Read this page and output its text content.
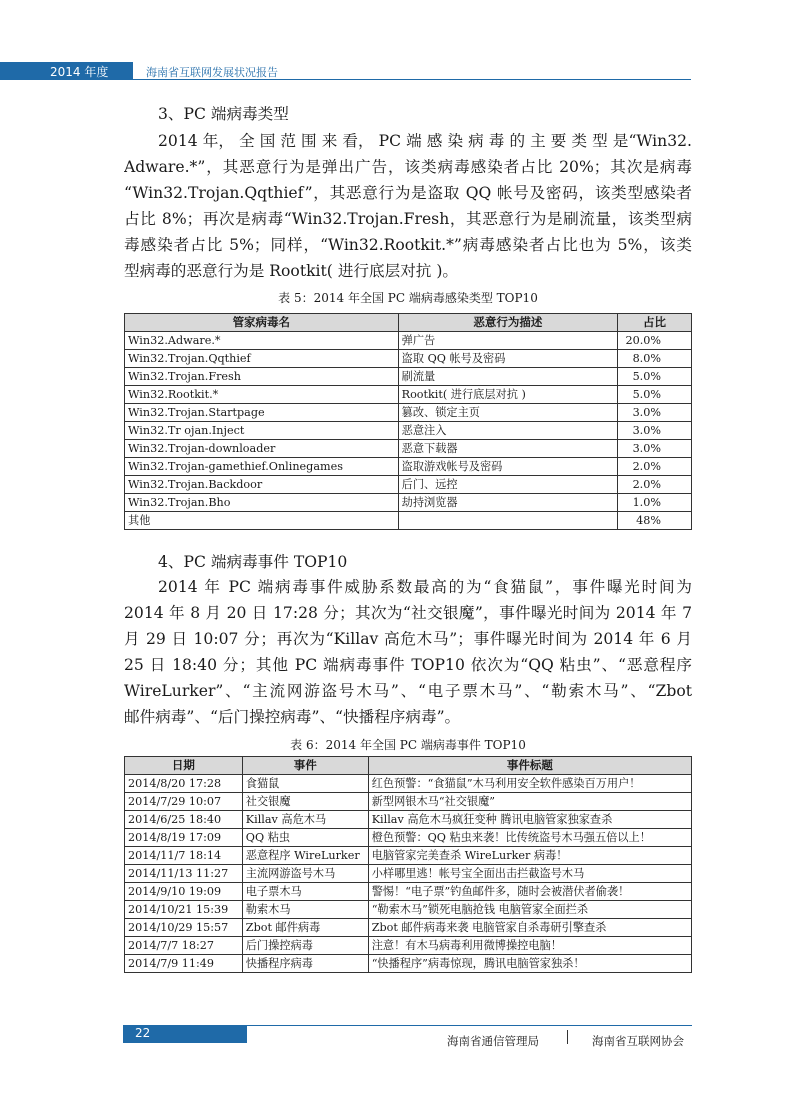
2014 年度	海南省互联网发展状况报告

3、PC 端病毒类型

2014 年， 全 国 范 围 来 看， PC 端 感 染 病 毒 的 主 要 类 型 是“Win32.
Adware.*”，其恶意行为是弹出广告，该类病毒感染者占比 20%；其次是病毒
“Win32.Trojan.Qqthief”，其恶意行为是盗取 QQ 帐号及密码，该类型感染者
占比 8%；再次是病毒“Win32.Trojan.Fresh，其恶意行为是刷流量，该类型病
毒感染者占比 5%；同样，“Win32.Rootkit.*”病毒感染者占比也为 5%，该类
型病毒的恶意行为是 Rootkit( 进行底层对抗 )。
表 5：2014 年全国 PC 端病毒感染类型 TOP10
管家病毒名	恶意行为描述	占比
Win32.Adware.*	弹广告	20.0%
Win32.Trojan.Qqthief	盗取 QQ 帐号及密码	8.0%
Win32.Trojan.Fresh	刷流量	5.0%
Win32.Rootkit.*	Rootkit( 进行底层对抗 )	5.0%
Win32.Trojan.Startpage	篡改、锁定主页	3.0%
Win32.Tr ojan.Inject	恶意注入	3.0%
Win32.Trojan-downloader	恶意下载器	3.0%
Win32.Trojan-gamethief.Onlinegames	盗取游戏帐号及密码	2.0%
Win32.Trojan.Backdoor	后门、远控	2.0%
Win32.Trojan.Bho	劫持浏览器	1.0%
其他		48%

4、PC 端病毒事件 TOP10

2014 年 PC 端病毒事件威胁系数最高的为“食猫鼠”，事件曝光时间为
2014 年 8 月 20 日 17:28 分；其次为“社交银魔”，事件曝光时间为 2014 年 7
月 29 日 10:07 分；再次为“Killav 高危木马”；事件曝光时间为 2014 年 6 月
25 日 18:40 分；其他 PC 端病毒事件 TOP10 依次为“QQ 粘虫”、“恶意程序
WireLurker”、“主流网游盗号木马”、“电子票木马”、“勒索木马”、“Zbot
邮件病毒”、“后门操控病毒”、“快播程序病毒”。
表 6：2014 年全国 PC 端病毒事件 TOP10
日期	事件	事件标题
2014/8/20 17:28	食猫鼠	红色预警：“食猫鼠”木马利用安全软件感染百万用户！
2014/7/29 10:07	社交银魔	新型网银木马“社交银魔”
2014/6/25 18:40	Killav 高危木马	Killav 高危木马疯狂变种 腾讯电脑管家独家查杀
2014/8/19 17:09	QQ 粘虫	橙色预警：QQ 粘虫来袭！比传统盗号木马强五倍以上！
2014/11/7 18:14	恶意程序 WireLurker	电脑管家完美查杀 WireLurker 病毒！
2014/11/13 11:27	主流网游盗号木马	小样哪里逃！帐号宝全面出击拦截盗号木马
2014/9/10 19:09	电子票木马	警惕！“电子票”钓鱼邮件多，随时会被潜伏者偷袭！
2014/10/21 15:39	勒索木马	“勒索木马”锁死电脑抢钱 电脑管家全面拦杀
2014/10/29 15:57	Zbot 邮件病毒	Zbot 邮件病毒来袭 电脑管家自杀毒研引擎查杀
2014/7/7 18:27	后门操控病毒	注意！有木马病毒利用微博操控电脑！
2014/7/9 11:49	快播程序病毒	“快播程序”病毒惊现，腾讯电脑管家独杀！
22
海南省通信管理局	海南省互联网协会
